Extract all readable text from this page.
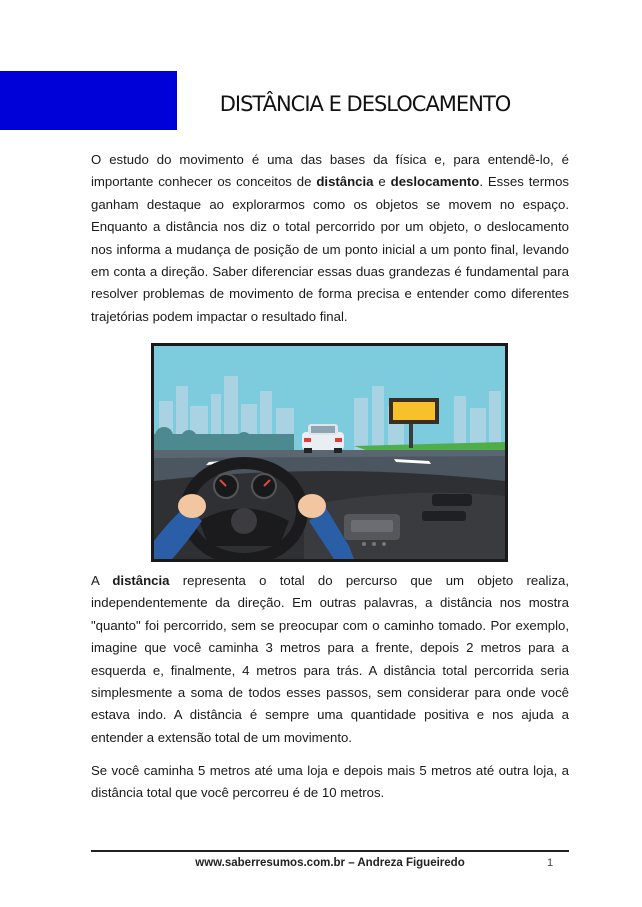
DISTÂNCIA E DESLOCAMENTO

O estudo do movimento é uma das bases da física e, para entendê-lo, é importante conhecer os conceitos de distância e deslocamento. Esses termos ganham destaque ao explorarmos como os objetos se movem no espaço. Enquanto a distância nos diz o total percorrido por um objeto, o deslocamento nos informa a mudança de posição de um ponto inicial a um ponto final, levando em conta a direção. Saber diferenciar essas duas grandezas é fundamental para resolver problemas de movimento de forma precisa e entender como diferentes trajetórias podem impactar o resultado final.

A distância representa o total do percurso que um objeto realiza, independentemente da direção. Em outras palavras, a distância nos mostra "quanto" foi percorrido, sem se preocupar com o caminho tomado. Por exemplo, imagine que você caminha 3 metros para a frente, depois 2 metros para a esquerda e, finalmente, 4 metros para trás. A distância total percorrida seria simplesmente a soma de todos esses passos, sem considerar para onde você estava indo. A distância é sempre uma quantidade positiva e nos ajuda a entender a extensão total de um movimento.

Se você caminha 5 metros até uma loja e depois mais 5 metros até outra loja, a distância total que você percorreu é de 10 metros.

www.saberresumos.com.br – Andreza Figueiredo	1
